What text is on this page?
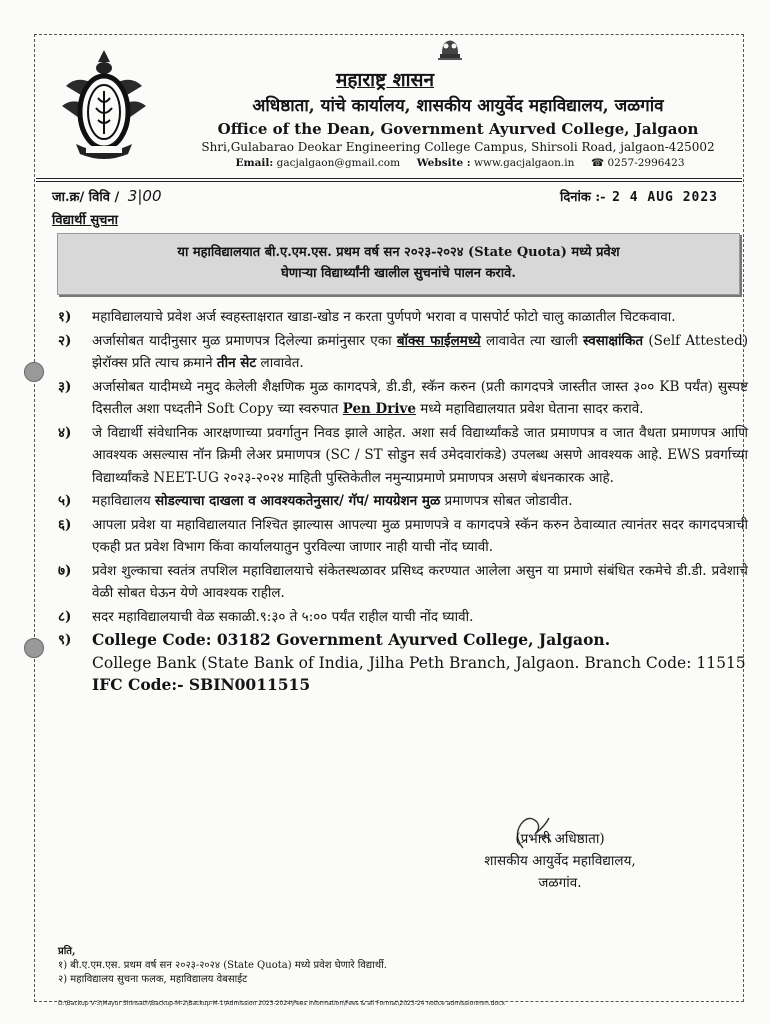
महाराष्ट्र शासन
अधिष्ठाता, यांचे कार्यालय, शासकीय आयुर्वेद महाविद्यालय, जळगांव
Office of the Dean, Government Ayurved College, Jalgaon
Shri,Gulabarao Deokar Engineering College Campus, Shirsoli Road, jalgaon-425002
Email: gacjalgaon@gmail.com Website : www.gacjalgaon.in ☎ 0257-2996423
जा.क्र/ विवि / 3|00	दिनांक :- 2 4 AUG 2023
विद्यार्थी सुचना
या महाविद्यालयात बी.ए.एम.एस. प्रथम वर्ष सन २०२३-२०२४ (State Quota) मध्ये प्रवेश
घेणाऱ्या विद्यार्थ्यांनी खालील सुचनांचे पालन करावे.
१)	महाविद्यालयाचे प्रवेश अर्ज स्वहस्ताक्षरात खाडा-खोड न करता पुर्णपणे भरावा व पासपोर्ट फोटो चालु काळातील चिटकवावा.
२)	अर्जासोबत यादीनुसार मुळ प्रमाणपत्र दिलेल्या क्रमांनुसार एका बॉक्स फाईलमध्ये लावावेत त्या खाली स्वसाक्षांकित (Self Attested) झेरॉक्स प्रति त्याच क्रमाने तीन सेट लावावेत.
३)	अर्जासोबत यादीमध्ये नमुद केलेली शैक्षणिक मुळ कागदपत्रे, डी.डी, स्कॅन करुन (प्रती कागदपत्रे जास्तीत जास्त ३०० KB पर्यंत) सुस्पष्ट दिसतील अशा पध्दतीने Soft Copy च्या स्वरुपात Pen Drive मध्ये महाविद्यालयात प्रवेश घेताना सादर करावे.
४)	जे विद्यार्थी संवेधानिक आरक्षणाच्या प्रवर्गातुन निवड झाले आहेत. अशा सर्व विद्यार्थ्यांकडे जात प्रमाणपत्र व जात वैधता प्रमाणपत्र आणि आवश्यक असल्यास नॉन क्रिमी लेअर प्रमाणपत्र (SC / ST सोडुन सर्व उमेदवारांकडे) उपलब्ध असणे आवश्यक आहे. EWS प्रवर्गाच्या विद्यार्थ्यांकडे NEET-UG २०२३-२०२४ माहिती पुस्तिकेतील नमुन्याप्रमाणे प्रमाणपत्र असणे बंधनकारक आहे.
५)	महाविद्यालय सोडल्याचा दाखला व आवश्यकतेनुसार/ गॅप/ मायग्रेशन मुळ प्रमाणपत्र सोबत जोडावीत.
६)	आपला प्रवेश या महाविद्यालयात निश्चित झाल्यास आपल्या मुळ प्रमाणपत्रे व कागदपत्रे स्कॅन करुन ठेवाव्यात त्यानंतर सदर कागदपत्राची एकही प्रत प्रवेश विभाग किंवा कार्यालयातुन पुरविल्या जाणार नाही याची नोंद घ्यावी.
७)	प्रवेश शुल्काचा स्वतंत्र तपशिल महाविद्यालयाचे संकेतस्थळावर प्रसिध्द करण्यात आलेला असुन या प्रमाणे संबंधित रकमेचे डी.डी. प्रवेशाचे वेळी सोबत घेऊन येणे आवश्यक राहील.
८)	सदर महाविद्यालयाची वेळ सकाळी.९:३० ते ५:०० पर्यंत राहील याची नोंद घ्यावी.
९)	College Code: 03182 Government Ayurved College, Jalgaon.
College Bank (State Bank of India, Jilha Peth Branch, Jalgaon. Branch Code: 11515
IFC Code:- SBIN0011515
(प्रभारी अधिष्ठाता)
शासकीय आयुर्वेद महाविद्यालय,
जळगांव.
प्रति,
१) बी.ए.एम.एस. प्रथम वर्ष सन २०२३-२०२४ (State Quota) मध्ये प्रवेश घेणारे विद्यार्थी.
२) महाविद्यालय सुचना फलक, महाविद्यालय वेबसाईट
D:\Backup V-3\Mayur Shinsath\Backup-M-2\Backup-M-1\Admission 2023-2024\Fees information\Fees & all Format\2023-24 notice admissionmm.docx
